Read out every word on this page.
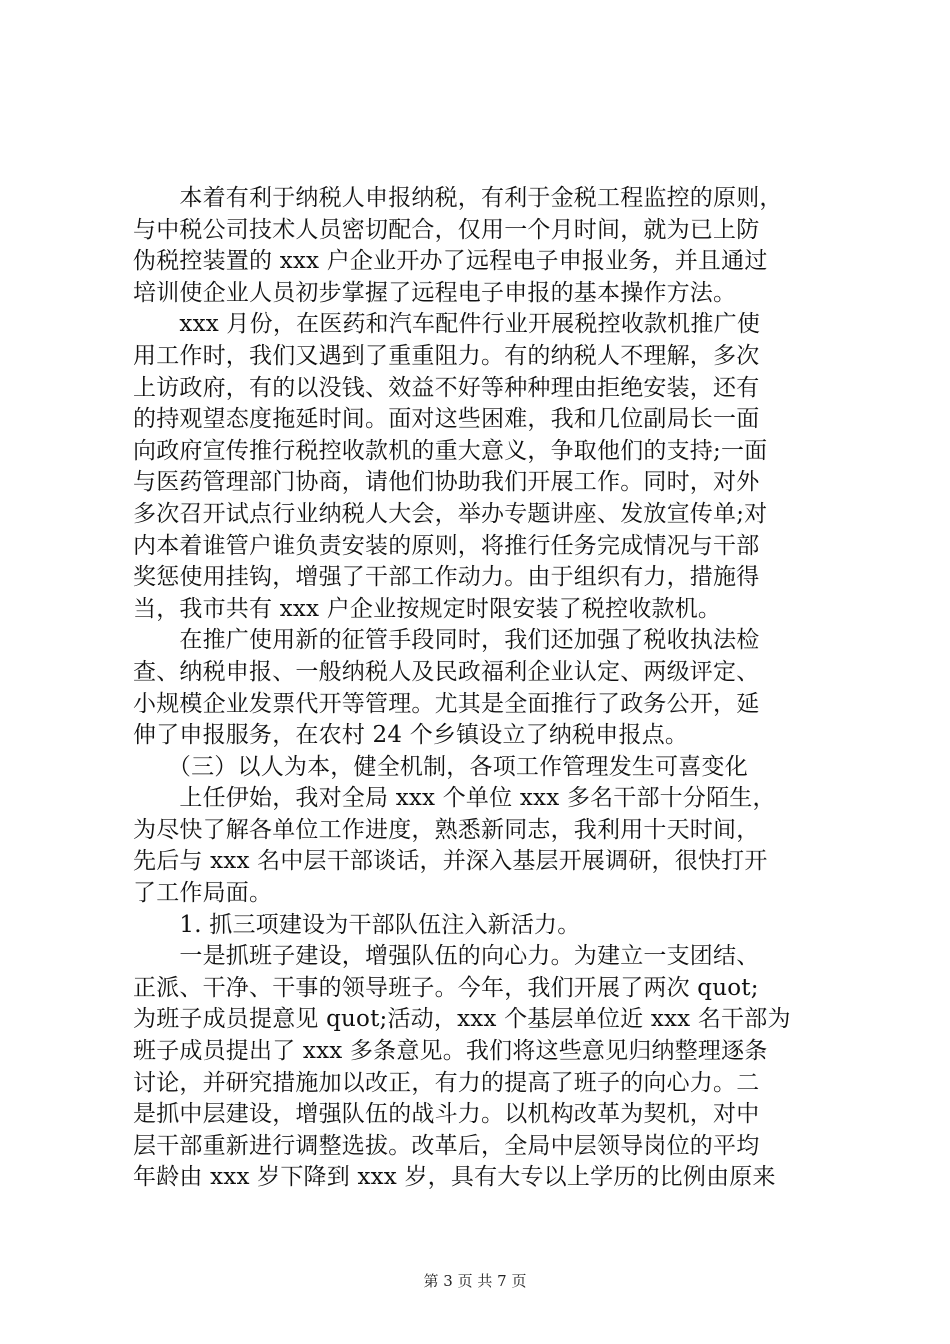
　　本着有利于纳税人申报纳税，有利于金税工程监控的原则，
与中税公司技术人员密切配合，仅用一个月时间，就为已上防
伪税控装置的 xxx 户企业开办了远程电子申报业务，并且通过
培训使企业人员初步掌握了远程电子申报的基本操作方法。
　　xxx 月份，在医药和汽车配件行业开展税控收款机推广使
用工作时，我们又遇到了重重阻力。有的纳税人不理解，多次
上访政府，有的以没钱、效益不好等种种理由拒绝安装，还有
的持观望态度拖延时间。面对这些困难，我和几位副局长一面
向政府宣传推行税控收款机的重大意义，争取他们的支持;一面
与医药管理部门协商，请他们协助我们开展工作。同时，对外
多次召开试点行业纳税人大会，举办专题讲座、发放宣传单;对
内本着谁管户谁负责安装的原则，将推行任务完成情况与干部
奖惩使用挂钩，增强了干部工作动力。由于组织有力，措施得
当，我市共有 xxx 户企业按规定时限安装了税控收款机。
　　在推广使用新的征管手段同时，我们还加强了税收执法检
查、纳税申报、一般纳税人及民政福利企业认定、两级评定、
小规模企业发票代开等管理。尤其是全面推行了政务公开，延
伸了申报服务，在农村 24 个乡镇设立了纳税申报点。
　　（三）以人为本，健全机制，各项工作管理发生可喜变化
　　上任伊始，我对全局 xxx 个单位 xxx 多名干部十分陌生，
为尽快了解各单位工作进度，熟悉新同志，我利用十天时间，
先后与 xxx 名中层干部谈话，并深入基层开展调研，很快打开
了工作局面。
　　1. 抓三项建设为干部队伍注入新活力。
　　一是抓班子建设，增强队伍的向心力。为建立一支团结、
正派、干净、干事的领导班子。今年，我们开展了两次 quot;
为班子成员提意见 quot;活动，xxx 个基层单位近 xxx 名干部为
班子成员提出了 xxx 多条意见。我们将这些意见归纳整理逐条
讨论，并研究措施加以改正，有力的提高了班子的向心力。二
是抓中层建设，增强队伍的战斗力。以机构改革为契机，对中
层干部重新进行调整选拔。改革后，全局中层领导岗位的平均
年龄由 xxx 岁下降到 xxx 岁，具有大专以上学历的比例由原来
第 3 页 共 7 页
